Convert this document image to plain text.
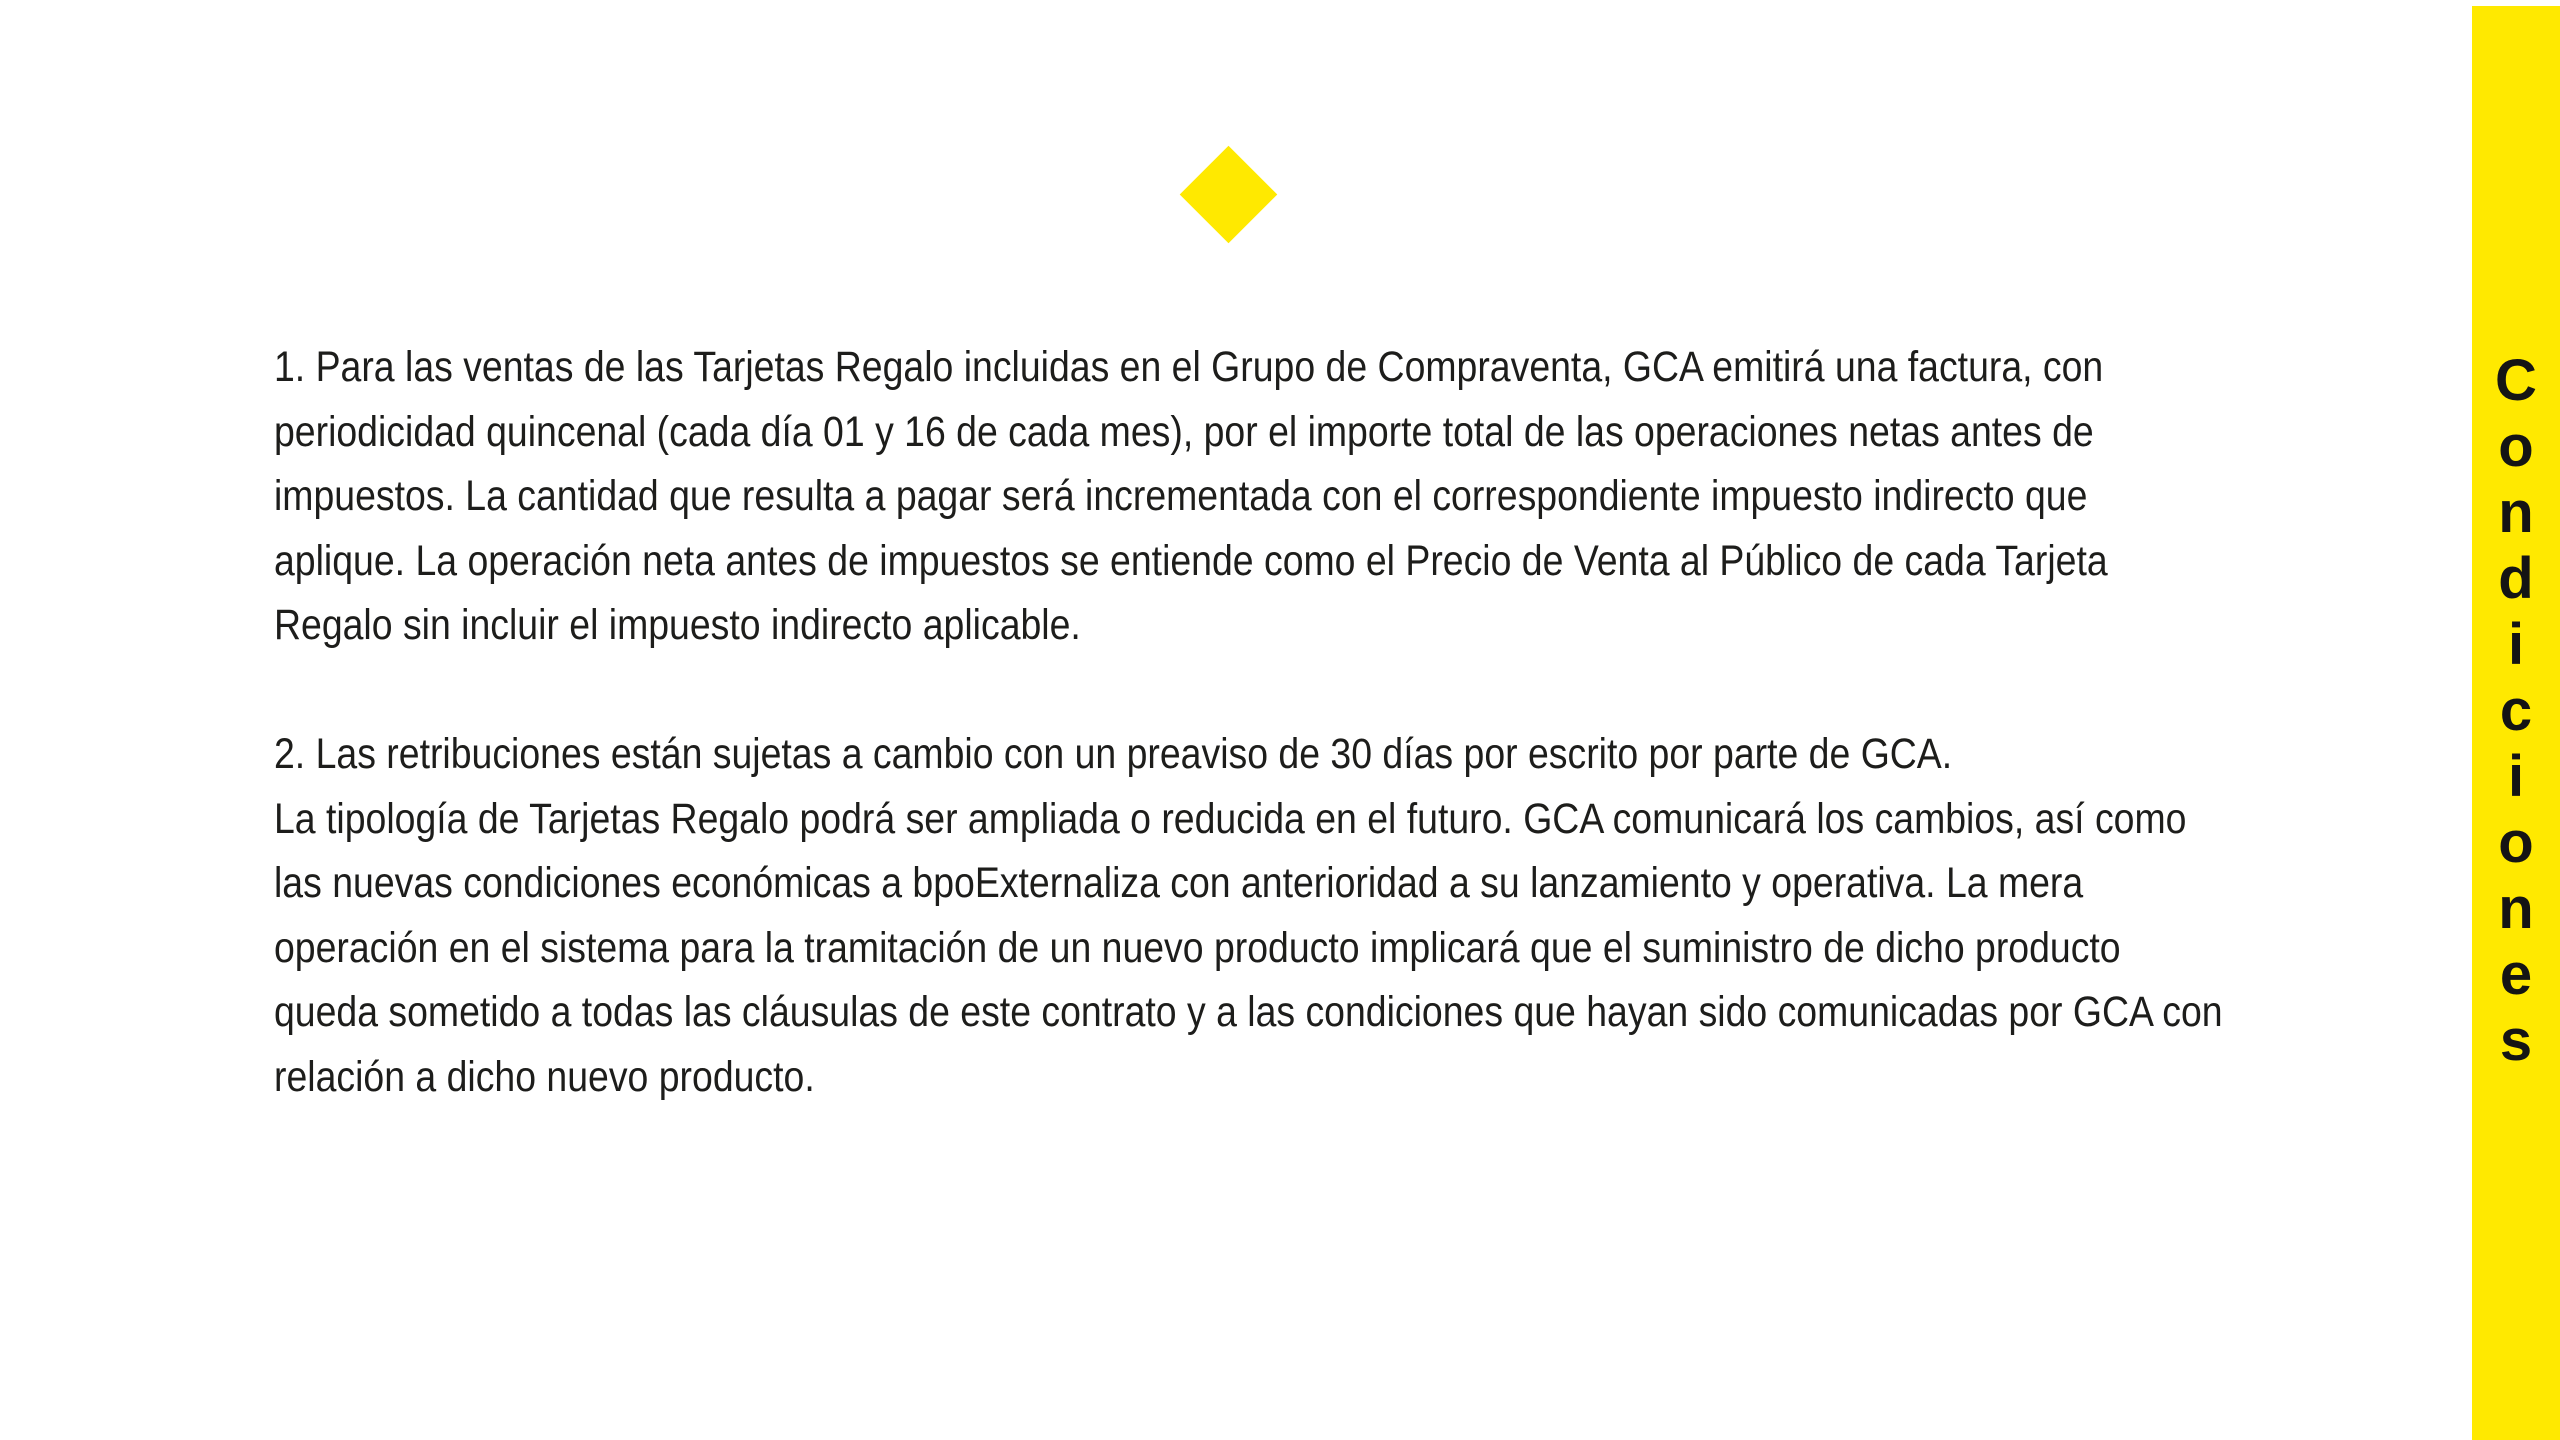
1. Para las ventas de las Tarjetas Regalo incluidas en el Grupo de Compraventa, GCA emitirá una factura, con
periodicidad quincenal (cada día 01 y 16 de cada mes), por el importe total de las operaciones netas antes de
impuestos. La cantidad que resulta a pagar será incrementada con el correspondiente impuesto indirecto que
aplique. La operación neta antes de impuestos se entiende como el Precio de Venta al Público de cada Tarjeta
Regalo sin incluir el impuesto indirecto aplicable.

2. Las retribuciones están sujetas a cambio con un preaviso de 30 días por escrito por parte de GCA.
La tipología de Tarjetas Regalo podrá ser ampliada o reducida en el futuro. GCA comunicará los cambios, así como
las nuevas condiciones económicas a bpoExternaliza con anterioridad a su lanzamiento y operativa. La mera
operación en el sistema para la tramitación de un nuevo producto implicará que el suministro de dicho producto
queda sometido a todas las cláusulas de este contrato y a las condiciones que hayan sido comunicadas por GCA con
relación a dicho nuevo producto.

C
o
n
d
i
c
i
o
n
e
s
